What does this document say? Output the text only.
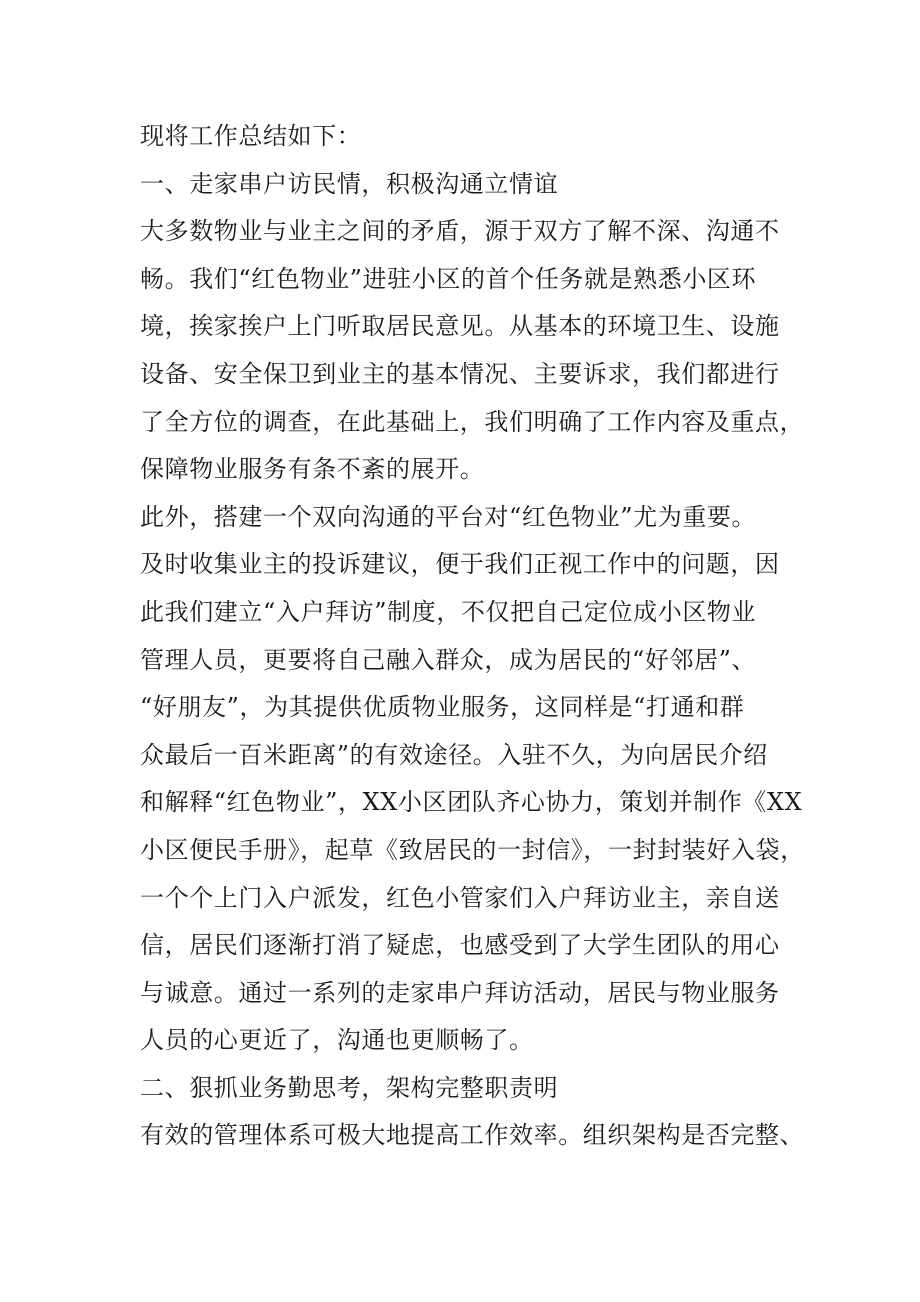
现将工作总结如下：
一、走家串户访民情，积极沟通立情谊
大多数物业与业主之间的矛盾，源于双方了解不深、沟通不
畅。我们“红色物业”进驻小区的首个任务就是熟悉小区环
境，挨家挨户上门听取居民意见。从基本的环境卫生、设施
设备、安全保卫到业主的基本情况、主要诉求，我们都进行
了全方位的调查，在此基础上，我们明确了工作内容及重点，
保障物业服务有条不紊的展开。
此外，搭建一个双向沟通的平台对“红色物业”尤为重要。
及时收集业主的投诉建议，便于我们正视工作中的问题，因
此我们建立“入户拜访”制度，不仅把自己定位成小区物业
管理人员，更要将自己融入群众，成为居民的“好邻居”、
“好朋友”，为其提供优质物业服务，这同样是“打通和群
众最后一百米距离”的有效途径。入驻不久，为向居民介绍
和解释“红色物业”，XX小区团队齐心协力，策划并制作《XX
小区便民手册》，起草《致居民的一封信》，一封封装好入袋，
一个个上门入户派发，红色小管家们入户拜访业主，亲自送
信，居民们逐渐打消了疑虑，也感受到了大学生团队的用心
与诚意。通过一系列的走家串户拜访活动，居民与物业服务
人员的心更近了，沟通也更顺畅了。
二、狠抓业务勤思考，架构完整职责明
有效的管理体系可极大地提高工作效率。组织架构是否完整、
